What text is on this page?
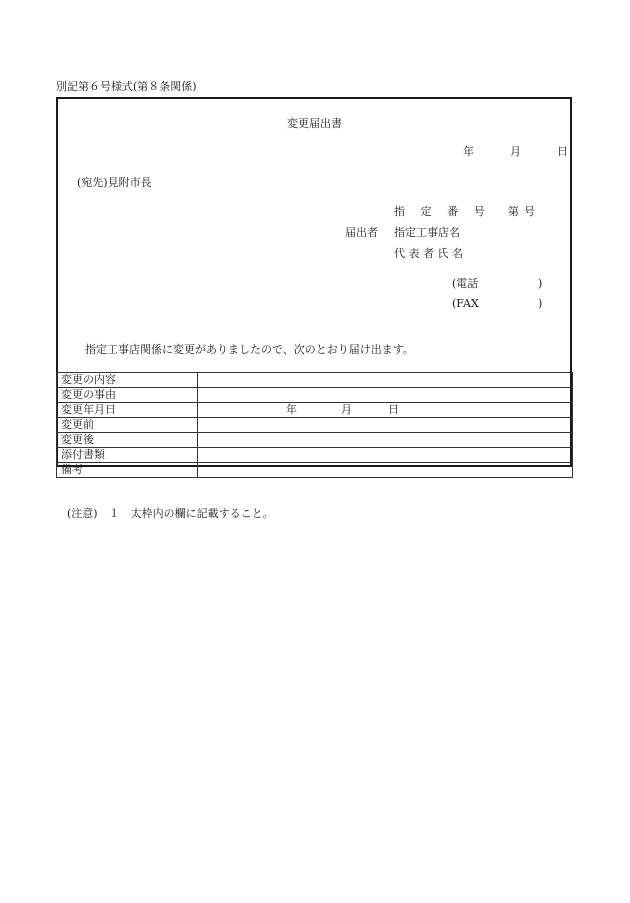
別記第６号様式(第８条関係)
変更届出書
年	月	日
(宛先)見附市長
指 定 番 号　第 号
届出者 指定工事店名
代 表 者 氏 名
(電話	)
(FAX	)
指定工事店関係に変更がありましたので、次のとおり届け出ます。
変更の内容	
変更の事由	
変更年月日	年 月 日

変更前	
変更後	
添付書類	
備考	
(注意)　１　太枠内の欄に記載すること。
